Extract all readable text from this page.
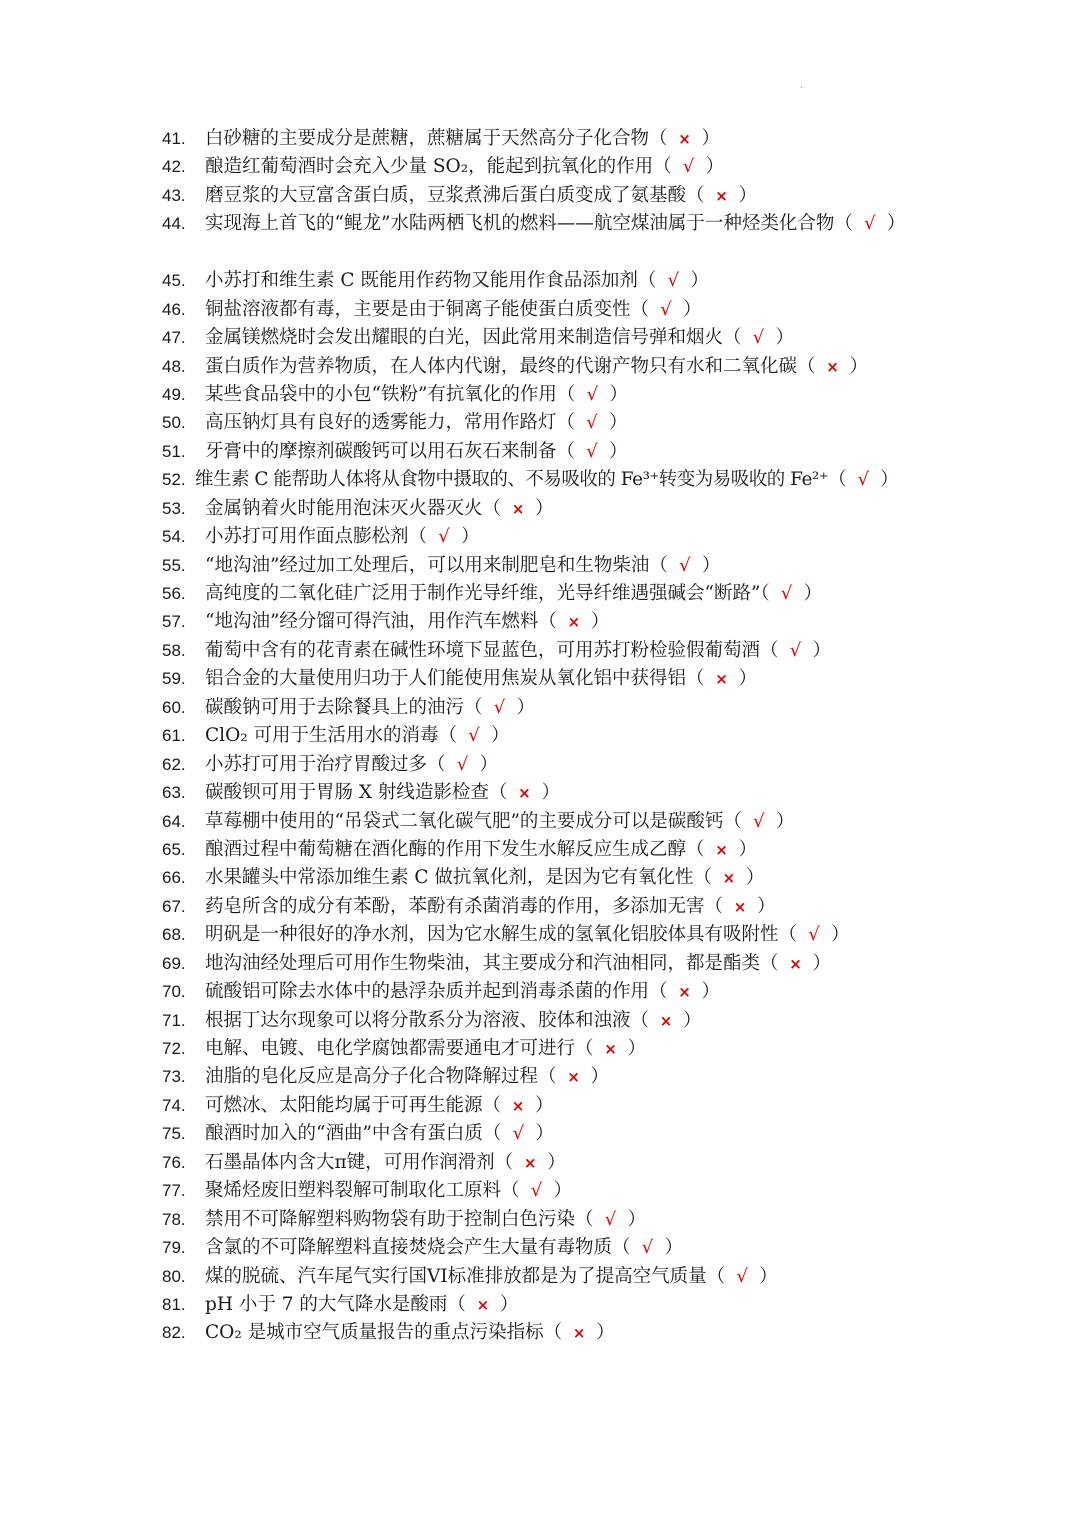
.
41.	白砂糖的主要成分是蔗糖，蔗糖属于天然高分子化合物（ × ）
42.	酿造红葡萄酒时会充入少量 SO₂，能起到抗氧化的作用（ √ ）
43.	磨豆浆的大豆富含蛋白质，豆浆煮沸后蛋白质变成了氨基酸（ × ）
44.	实现海上首飞的“鲲龙”水陆两栖飞机的燃料——航空煤油属于一种烃类化合物（ √ ）
45.	小苏打和维生素 C 既能用作药物又能用作食品添加剂（ √ ）
46.	铜盐溶液都有毒，主要是由于铜离子能使蛋白质变性（ √ ）
47.	金属镁燃烧时会发出耀眼的白光，因此常用来制造信号弹和烟火（ √ ）
48.	蛋白质作为营养物质，在人体内代谢，最终的代谢产物只有水和二氧化碳（ × ）
49.	某些食品袋中的小包“铁粉”有抗氧化的作用（ √ ）
50.	高压钠灯具有良好的透雾能力，常用作路灯（ √ ）
51.	牙膏中的摩擦剂碳酸钙可以用石灰石来制备（ √ ）
52. 维生素 C 能帮助人体将从食物中摄取的、不易吸收的 Fe³⁺转变为易吸收的 Fe²⁺（ √ ）
53.	金属钠着火时能用泡沫灭火器灭火（ × ）
54.	小苏打可用作面点膨松剂（ √ ）
55.	“地沟油”经过加工处理后，可以用来制肥皂和生物柴油（ √ ）
56.	高纯度的二氧化硅广泛用于制作光导纤维，光导纤维遇强碱会“断路”（ √ ）
57.	“地沟油”经分馏可得汽油，用作汽车燃料（ × ）
58.	葡萄中含有的花青素在碱性环境下显蓝色，可用苏打粉检验假葡萄酒（ √ ）
59.	铝合金的大量使用归功于人们能使用焦炭从氧化铝中获得铝（ × ）
60.	碳酸钠可用于去除餐具上的油污（ √ ）
61.	ClO₂ 可用于生活用水的消毒（ √ ）
62.	小苏打可用于治疗胃酸过多（ √ ）
63.	碳酸钡可用于胃肠 X 射线造影检查（ × ）
64.	草莓棚中使用的“吊袋式二氧化碳气肥”的主要成分可以是碳酸钙（ √ ）
65.	酿酒过程中葡萄糖在酒化酶的作用下发生水解反应生成乙醇（ × ）
66.	水果罐头中常添加维生素 C 做抗氧化剂，是因为它有氧化性（ × ）
67.	药皂所含的成分有苯酚，苯酚有杀菌消毒的作用，多添加无害（ × ）
68.	明矾是一种很好的净水剂，因为它水解生成的氢氧化铝胶体具有吸附性（ √ ）
69.	地沟油经处理后可用作生物柴油，其主要成分和汽油相同，都是酯类（ × ）
70.	硫酸铝可除去水体中的悬浮杂质并起到消毒杀菌的作用（ × ）
71.	根据丁达尔现象可以将分散系分为溶液、胶体和浊液（ × ）
72.	电解、电镀、电化学腐蚀都需要通电才可进行（ × ）
73.	油脂的皂化反应是高分子化合物降解过程（ × ）
74.	可燃冰、太阳能均属于可再生能源（ × ）
75.	酿酒时加入的“酒曲”中含有蛋白质（ √ ）
76.	石墨晶体内含大π键，可用作润滑剂（ × ）
77.	聚烯烃废旧塑料裂解可制取化工原料（ √ ）
78.	禁用不可降解塑料购物袋有助于控制白色污染（ √ ）
79.	含氯的不可降解塑料直接焚烧会产生大量有毒物质（ √ ）
80.	煤的脱硫、汽车尾气实行国VI标准排放都是为了提高空气质量（ √ ）
81.	pH 小于 7 的大气降水是酸雨（ × ）
82.	CO₂ 是城市空气质量报告的重点污染指标（ × ）
